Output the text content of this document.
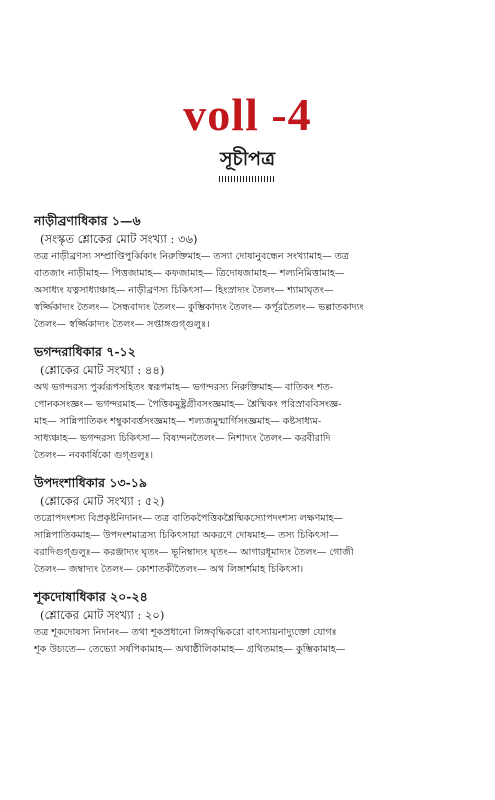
voll -4
সূচীপত্র
নাড়ীব্রণাধিকার ১—৬
(সংস্কৃত শ্লোকের মোট সংখ্যা : ৩৬)
তত্র নাড়ীব্রণস্য সম্প্রাপ্তিপুর্ব্বিকাং নিরুক্তিমাহ— তস্যা দোষানুবন্ধেন সংখ্যামাহ— তত্র
বাতজাং নাড়ীমাহ— পিত্তজামাহ— কফজামাহ— ত্রিদোষজামাহ— শল্যনিমিত্তামাহ—
অসাধ্যং যত্নসাধ্যাঞ্চাহ— নাড়ীব্রণস্য চিকিৎসা— হিংস্রাদ্যং তৈলং— শ্যামাঘৃতং—
স্বর্জ্জিকাদ্যং তৈলং— সৈন্ধবাদ্যং তৈলং— কুম্ভিকাদ্যং তৈলং— কর্পূরতৈলং— ভল্লাতকাদ্যং
তৈলং— স্বর্জ্জিকাদ্যং তৈলং— সপ্তাঙ্গগুগ্গুলুঃ।
ভগন্দরাধিকার ৭-১২
(শ্লোকের মোট সংখ্যা : ৪৪)
অথ ভগন্দরস্য পুর্ব্বরূপসহিতং স্বরূপমাহ— ভগন্দরস্য নিরুক্তিমাহ— বাতিকং শত-
পোনকসংজ্ঞং— ভগন্দরমাহ— পৈত্তিকমুষ্ট্রগ্রীবসংজ্ঞমাহ— শ্লৈষ্মিকং পরিস্রাববিসংজ্ঞ-
মাহ— সান্নিপাতিকং শম্বুকাবর্ত্তসংজ্ঞমাহ— শল্যজমুন্মার্গিসংজ্ঞমাহ— কষ্টসাধ্যম-
সাধ্যঞ্চাহ— ভগন্দরস্য চিকিৎসা— বিষ্যন্দনতৈলং— নিশাদ্যং তৈলং— করবীরাদি
তৈলং— নবকার্ষিকো গুগ্গুলুঃ।
উপদংশাধিকার ১৩-১৯
(শ্লোকের মোট সংখ্যা : ৫২)
তত্রোপদংশস্য বিপ্রকৃষ্টনিদানং— তত্র বাতিকপৈত্তিকশ্লৈষ্মিকস্যোপদংশস্য লক্ষণমাহ—
সান্নিপাতিকমাহ— উপদংশমাত্রস্য চিকিৎসায়া অকরণে দোষমাহ— তস্য চিকিৎসা—
বরাদিগুগ্গুলুঃ— করঞ্জাদ্যং ঘৃতং— ভূনিম্বাদ্যং ঘৃতং— আগারধূমাদ্যং তৈলং— গোজী
তৈলং— জম্বাদ্যং তৈলং— কোশাতকীতৈলং— অথ লিঙ্গার্শমাহ চিকিৎসা।
শূকদোষাধিকার ২০-২৪
(শ্লোকের মোট সংখ্যা : ২০)
তত্র শূকদোষস্য নিদানং— তথা শূকপ্রধানো লিঙ্গবৃদ্ধিকরো বাৎস্যায়নাদ্যুক্তো যোগঃ
শূক উচ্যতে— তেভ্যো সর্ষপিকামাহ— অথাষ্ঠীলিকামাহ— গ্রথিতমাহ— কুম্ভিকামাহ—
